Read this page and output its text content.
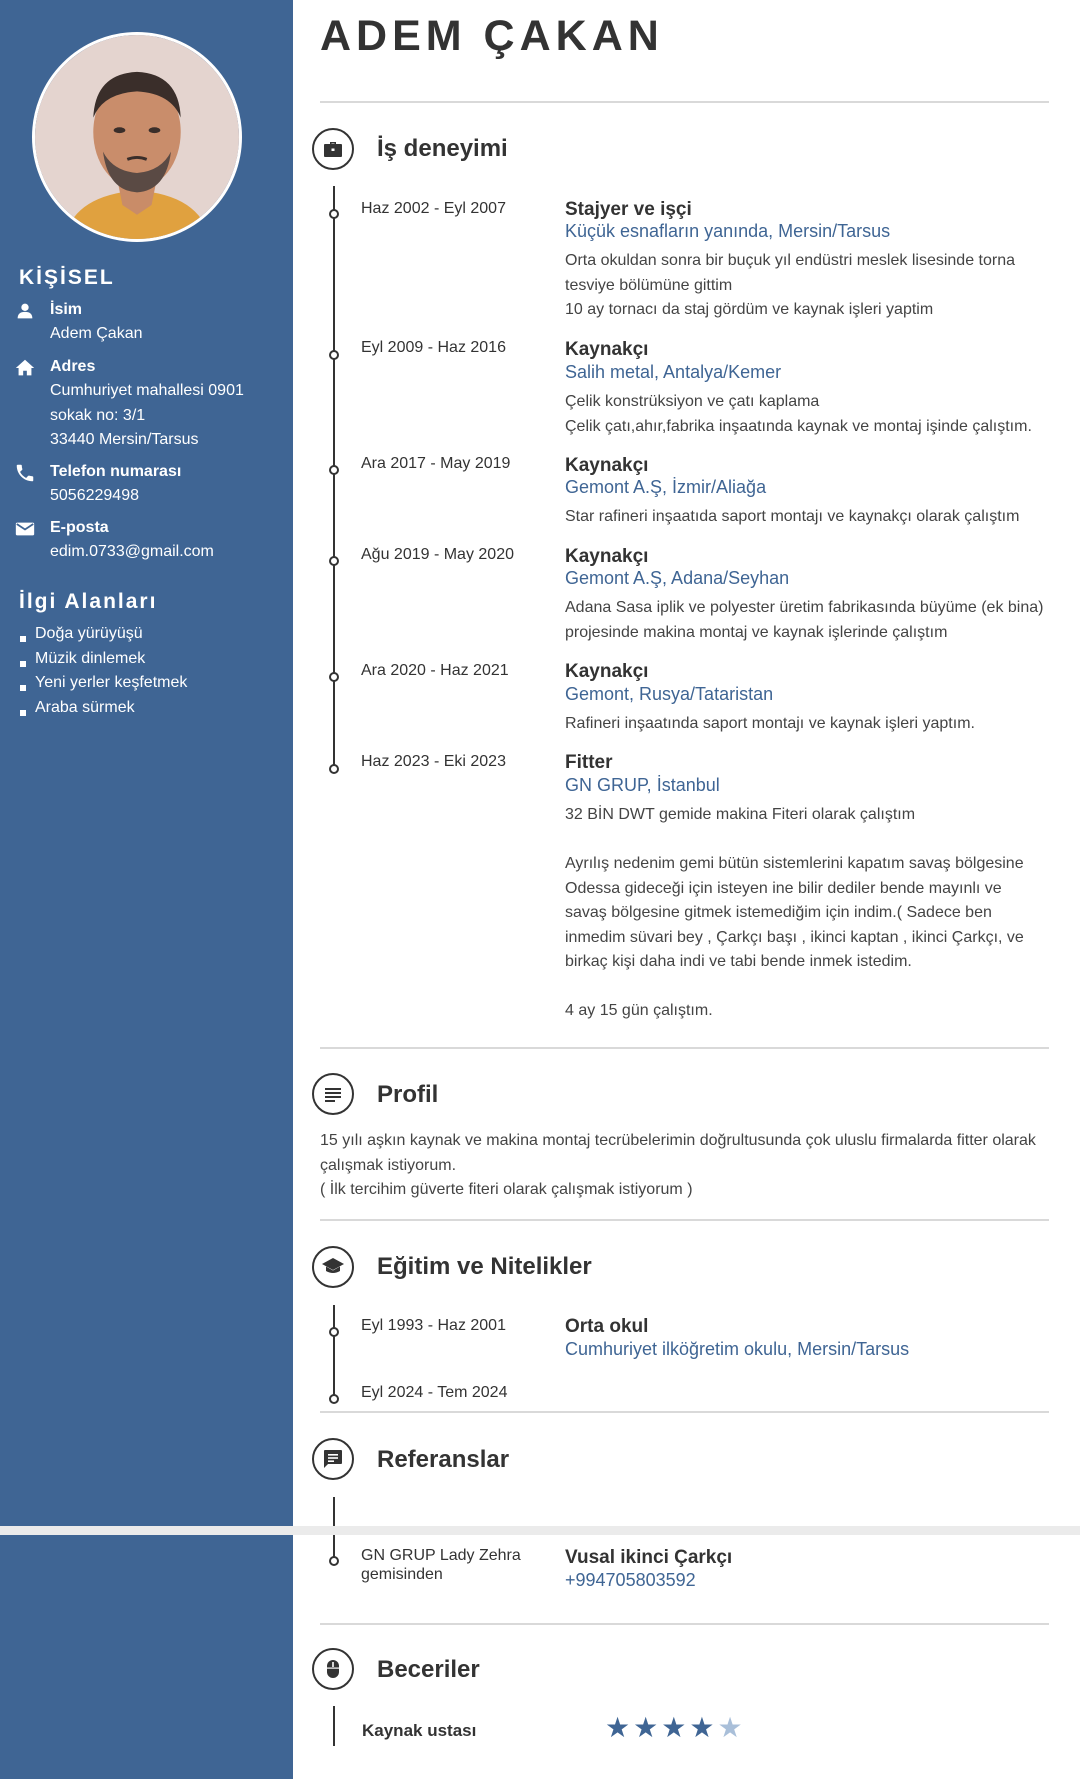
KİŞİSEL
İsim
Adem Çakan
Adres
Cumhuriyet mahallesi 0901
sokak no: 3/1
33440 Mersin/Tarsus
Telefon numarası
5056229498
E-posta
edim.0733@gmail.com
İlgi Alanları
Doğa yürüyüşü
Müzik dinlemek
Yeni yerler keşfetmek
Araba sürmek
ADEM ÇAKAN
İş deneyimi
Haz 2002 - Eyl 2007	Stajyer ve işçi
Küçük esnafların yanında, Mersin/Tarsus
Orta okuldan sonra bir buçuk yıl endüstri meslek lisesinde torna tesviye bölümüne gittim
10 ay tornacı da staj gördüm ve kaynak işleri yaptim
Eyl 2009 - Haz 2016	Kaynakçı
Salih metal, Antalya/Kemer
Çelik konstrüksiyon ve çatı kaplama
Çelik çatı,ahır,fabrika inşaatında kaynak ve montaj işinde çalıştım.
Ara 2017 - May 2019	Kaynakçı
Gemont A.Ş, İzmir/Aliağa
Star rafineri inşaatıda saport montajı ve kaynakçı olarak çalıştım
Ağu 2019 - May 2020	Kaynakçı
Gemont A.Ş, Adana/Seyhan
Adana Sasa iplik ve polyester üretim fabrikasında büyüme (ek bina) projesinde makina montaj ve kaynak işlerinde çalıştım
Ara 2020 - Haz 2021	Kaynakçı
Gemont, Rusya/Tataristan
Rafineri inşaatında saport montajı ve kaynak işleri yaptım.
Haz 2023 - Eki 2023	Fitter
GN GRUP, İstanbul
32 BİN DWT gemide makina Fiteri olarak çalıştım

Ayrılış nedenim gemi bütün sistemlerini kapatım savaş bölgesine Odessa gideceği için isteyen ine bilir dediler bende mayınlı ve savaş bölgesine gitmek istemediğim için indim.( Sadece ben inmedim süvari bey , Çarkçı başı , ikinci kaptan , ikinci Çarkçı, ve birkaç kişi daha indi ve tabi bende inmek istedim.

4 ay 15 gün çalıştım.
Profil
15 yılı aşkın kaynak ve makina montaj tecrübelerimin doğrultusunda çok uluslu firmalarda fitter olarak çalışmak istiyorum.
( İlk tercihim güverte fiteri olarak çalışmak istiyorum )
Eğitim ve Nitelikler
Eyl 1993 - Haz 2001	Orta okul
Cumhuriyet ilköğretim okulu, Mersin/Tarsus
Eyl 2024 - Tem 2024
Referanslar
GN GRUP Lady Zehra gemisinden
Vusal ikinci Çarkçı
+994705803592
Beceriler
Kaynak ustası	★★★★★
